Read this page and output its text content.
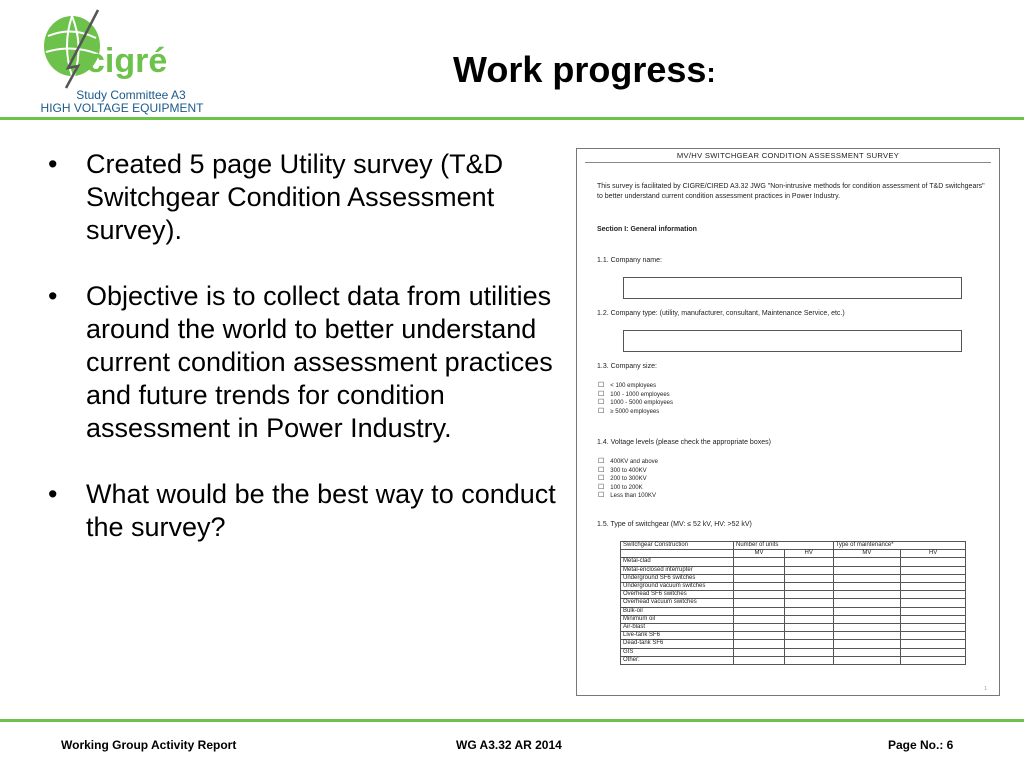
cigré
Study Committee A3
HIGH VOLTAGE EQUIPMENT
Work progress:
• Created 5 page Utility survey (T&D Switchgear Condition Assessment survey).
• Objective is to collect data from utilities around the world to better understand current condition assessment practices and future trends for condition assessment in Power Industry.
• What would be the best way to conduct the survey?
MV/HV SWITCHGEAR CONDITION ASSESSMENT SURVEY
This survey is facilitated by CIGRE/CIRED A3.32 JWG "Non-intrusive methods for condition assessment of T&D switchgears" to better understand current condition assessment practices in Power Industry.
Section I: General information
1.1. Company name:
1.2. Company type: (utility, manufacturer, consultant, Maintenance Service, etc.)
1.3. Company size:
☐ < 100 employees
☐ 100 - 1000 employees
☐ 1000 - 5000 employees
☐ ≥ 5000 employees
1.4. Voltage levels (please check the appropriate boxes)
☐ 400KV and above
☐ 300 to 400KV
☐ 200 to 300KV
☐ 100 to 200K
☐ Less than 100KV
1.5. Type of switchgear (MV: ≤ 52 kV, HV: >52 kV)
Switchgear Construction	Number of units		Type of maintenance*	
	MV	HV	MV	HV
Metal-clad				
Metal-enclosed interrupter				
Underground SF6 switches				
Underground vacuum switches				
Overhead SF6 switches				
Overhead vacuum switches				
Bulk-oil				
Minimum oil				
Air-blast				
Live-tank SF6				
Dead-tank SF6				
GIS				
Other:				
1
Working Group Activity Report	WG A3.32 AR 2014	Page No.: 6
